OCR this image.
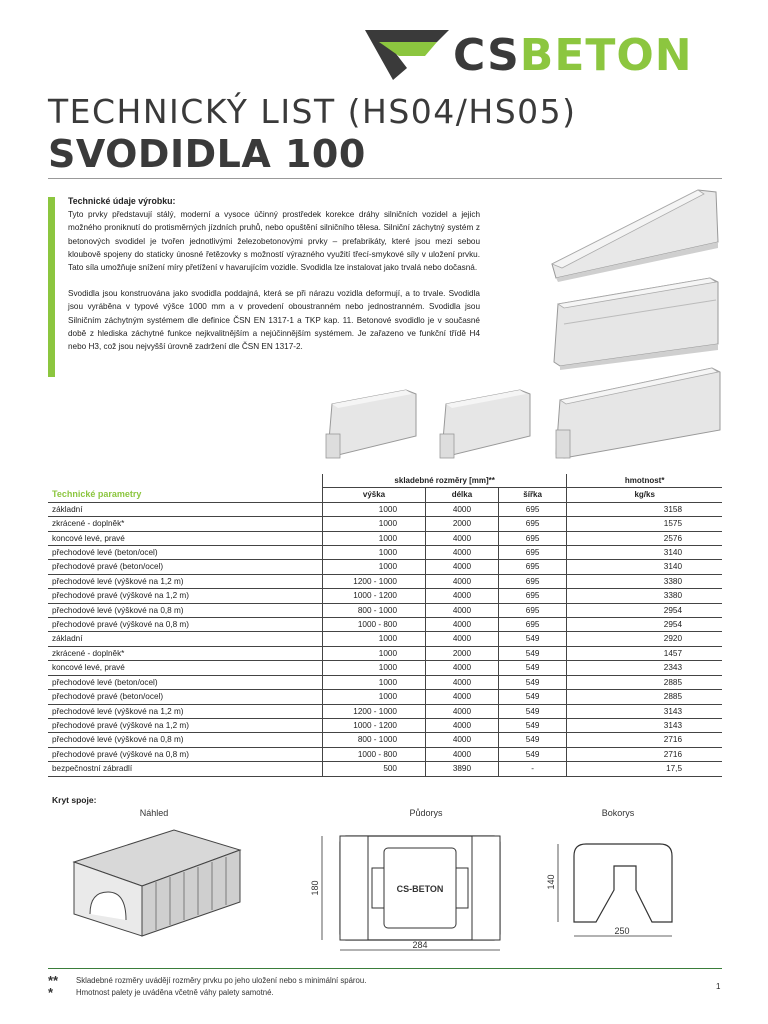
CSBETON
TECHNICKÝ LIST (HS04/HS05)
SVODIDLA 100
Technické údaje výrobku:

Tyto prvky představují stálý, moderní a vysoce účinný prostředek korekce dráhy silničních vozidel a jejich možného proniknutí do protisměrných jízdních pruhů, nebo opuštění silničního tělesa. Silniční záchytný systém z betonových svodidel je tvořen jednotlivými železobetonovými prvky – prefabrikáty, které jsou mezi sebou kloubově spojeny do staticky únosné řetězovky s možností výrazného využití třecí-smykové síly v uložení prvku. Tato síla umožňuje snížení míry přetížení v havarujícím vozidle. Svodidla lze instalovat jako trvalá nebo dočasná.

Svodidla jsou konstruována jako svodidla poddajná, která se při nárazu vozidla deformují, a to trvale. Svodidla jsou vyráběna v typové výšce 1000 mm a v provedení oboustranném nebo jednostranném. Svodidla jsou Silničním záchytným systémem dle definice ČSN EN 1317-1 a TKP kap. 11. Betonové svodidlo je v současné době z hlediska záchytné funkce nejkvalitnějším a nejúčinnějším systémem. Je zařazeno ve funkční třídě H4 nebo H3, což jsou nejvyšší úrovně zadržení dle ČSN EN 1317-2.

	skladebné rozměry [mm]**			hmotnost*
Technické parametry	výška	délka	šířka	kg/ks
základní	1000	4000	695	3158
zkrácené - doplněk*	1000	2000	695	1575
koncové levé, pravé	1000	4000	695	2576
přechodové levé (beton/ocel)	1000	4000	695	3140
přechodové pravé (beton/ocel)	1000	4000	695	3140
přechodové levé (výškové na 1,2 m)	1200 - 1000	4000	695	3380
přechodové pravé (výškové na 1,2 m)	1000 - 1200	4000	695	3380
přechodové levé (výškové na 0,8 m)	800 - 1000	4000	695	2954
přechodové pravé (výškové na 0,8 m)	1000 - 800	4000	695	2954
základní	1000	4000	549	2920
zkrácené - doplněk*	1000	2000	549	1457
koncové levé, pravé	1000	4000	549	2343
přechodové levé (beton/ocel)	1000	4000	549	2885
přechodové pravé (beton/ocel)	1000	4000	549	2885
přechodové levé (výškové na 1,2 m)	1200 - 1000	4000	549	3143
přechodové pravé (výškové na 1,2 m)	1000 - 1200	4000	549	3143
přechodové levé (výškové na 0,8 m)	800 - 1000	4000	549	2716
přechodové pravé (výškové na 0,8 m)	1000 - 800	4000	549	2716
bezpečnostní zábradlí	500	3890	-	17,5
Kryt spoje:
Náhled	Půdorys	Bokorys
CS-BETON
180
284
140
250
** Skladebné rozměry uvádějí rozměry prvku po jeho uložení nebo s minimální spárou.
*	Hmotnost palety je uváděna včetně váhy palety samotné.
1
